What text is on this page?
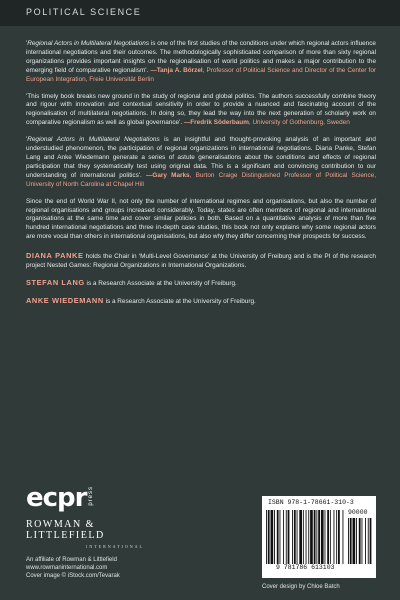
POLITICAL SCIENCE

'Regional Actors in Multilateral Negotiations is one of the first studies of the conditions under which regional actors influence international negotiations and their outcomes. The methodologically sophisticated comparison of more than sixty regional organizations provides important insights on the regionalisation of world politics and makes a major contribution to the emerging field of comparative regionalism'. —Tanja A. Börzel, Professor of Political Science and Director of the Center for European Integration, Freie Universität Berlin

'This timely book breaks new ground in the study of regional and global politics. The authors successfully combine theory and rigour with innovation and contextual sensitivity in order to provide a nuanced and fascinating account of the regionalisation of multilateral negotiations. In doing so, they lead the way into the next generation of scholarly work on comparative regionalism as well as global governance'. —Fredrik Söderbaum, University of Gothenburg, Sweden

'Regional Actors in Multilateral Negotiations is an insightful and thought-provoking analysis of an important and understudied phenomenon, the participation of regional organizations in international negotiations. Diana Panke, Stefan Lang and Anke Wiedemann generate a series of astute generalisations about the conditions and effects of regional participation that they systematically test using original data. This is a significant and convincing contribution to our understanding of international politics'. —Gary Marks, Burton Craige Distinguished Professor of Political Science, University of North Carolina at Chapel Hill

Since the end of World War II, not only the number of international regimes and organisations, but also the number of regional organisations and groups increased considerably. Today, states are often members of regional and international organisations at the same time and cover similar policies in both. Based on a quantitative analysis of more than five hundred international negotiations and three in-depth case studies, this book not only explains why some regional actors are more vocal than others in international organisations, but also why they differ concerning their prospects for success.

DIANA PANKE holds the Chair in ‘Multi-Level Governance’ at the University of Freiburg and is the PI of the research project Nested Games: Regional Organizations in International Organizations.

STEFAN LANG is a Research Associate at the University of Freiburg.

ANKE WIEDEMANN is a Research Associate at the University of Freiburg.

ecpr press
ROWMAN &
LITTLEFIELD
INTERNATIONAL
An affiliate of Rowman & Littlefield
www.rowmaninternational.com
Cover image © iStock.com/Tevarak
ISBN 978-1-78661-310-3
90000
9 781786 613103
Cover design by Chloe Batch
